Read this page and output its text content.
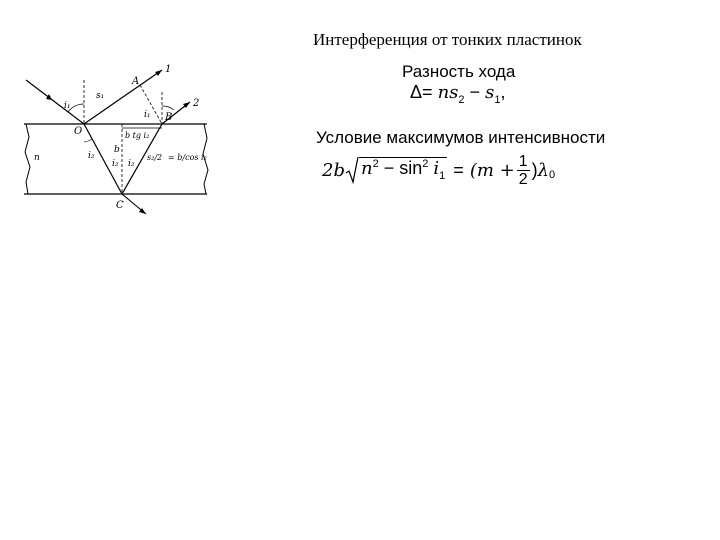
Интерференция от тонких пластинок
i₁
s₁
A
1
2
O
i₁ B
b tg i₂
b
n	i₂
i₂ i₂
s₂/2 = b/cos i₂
C
Разность хода
$\Delta= ns_2 - s_1$,
Условие максимумов интенсивности
2b $n^2 - \sin^2 i_1 = (m + \frac{1}{2}$ ) λ 0
